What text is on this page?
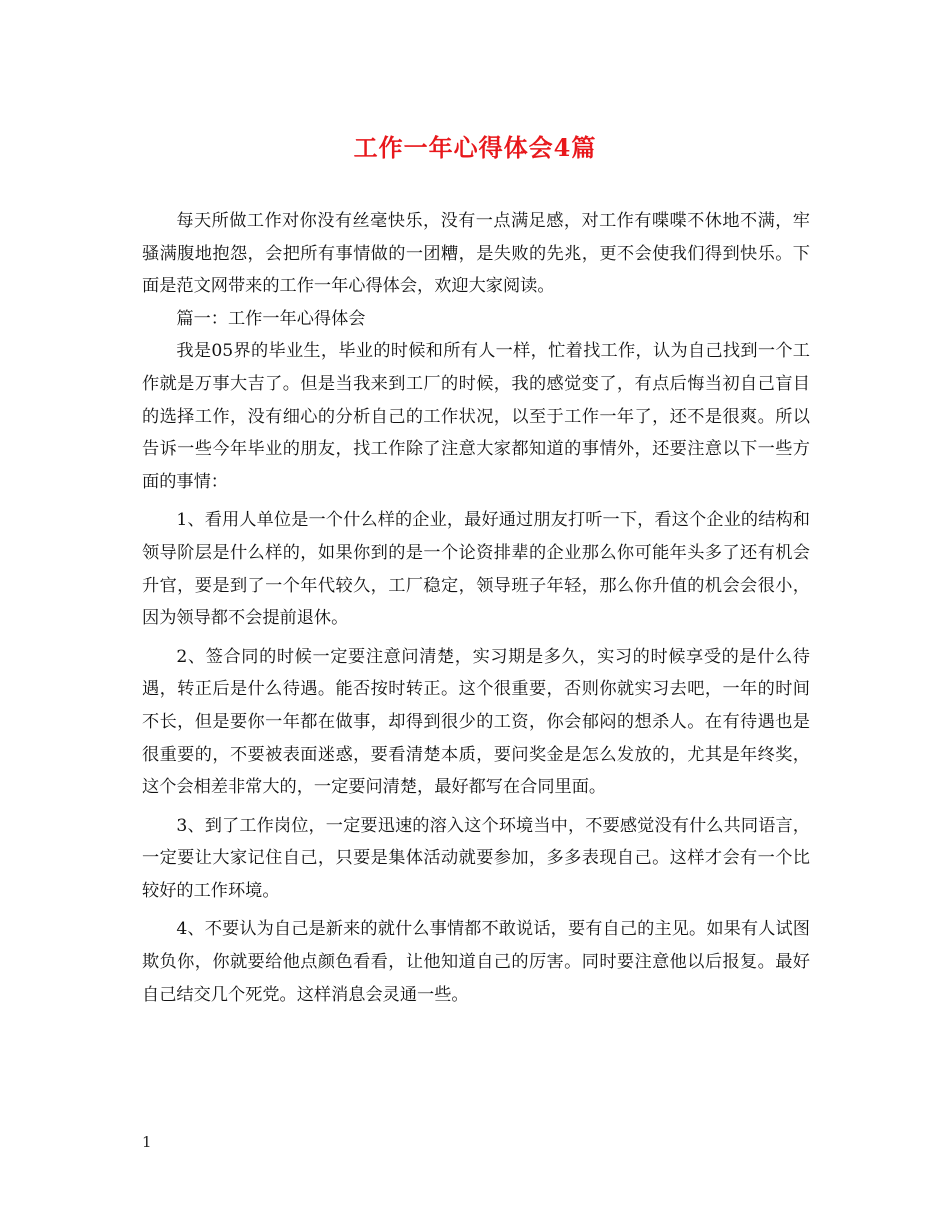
工作一年心得体会4篇

每天所做工作对你没有丝毫快乐，没有一点满足感，对工作有喋喋不休地不满，牢骚满腹地抱怨，会把所有事情做的一团糟，是失败的先兆，更不会使我们得到快乐。下面是范文网带来的工作一年心得体会，欢迎大家阅读。

篇一：工作一年心得体会

我是05界的毕业生，毕业的时候和所有人一样，忙着找工作，认为自己找到一个工作就是万事大吉了。但是当我来到工厂的时候，我的感觉变了，有点后悔当初自己盲目的选择工作，没有细心的分析自己的工作状况，以至于工作一年了，还不是很爽。所以告诉一些今年毕业的朋友，找工作除了注意大家都知道的事情外，还要注意以下一些方面的事情：

1、看用人单位是一个什么样的企业，最好通过朋友打听一下，看这个企业的结构和领导阶层是什么样的，如果你到的是一个论资排辈的企业那么你可能年头多了还有机会升官，要是到了一个年代较久，工厂稳定，领导班子年轻，那么你升值的机会会很小，因为领导都不会提前退休。

2、签合同的时候一定要注意问清楚，实习期是多久，实习的时候享受的是什么待遇，转正后是什么待遇。能否按时转正。这个很重要，否则你就实习去吧，一年的时间不长，但是要你一年都在做事，却得到很少的工资，你会郁闷的想杀人。在有待遇也是很重要的，不要被表面迷惑，要看清楚本质，要问奖金是怎么发放的，尤其是年终奖，这个会相差非常大的，一定要问清楚，最好都写在合同里面。

3、到了工作岗位，一定要迅速的溶入这个环境当中，不要感觉没有什么共同语言，一定要让大家记住自己，只要是集体活动就要参加，多多表现自己。这样才会有一个比较好的工作环境。

4、不要认为自己是新来的就什么事情都不敢说话，要有自己的主见。如果有人试图欺负你，你就要给他点颜色看看，让他知道自己的厉害。同时要注意他以后报复。最好自己结交几个死党。这样消息会灵通一些。

1
